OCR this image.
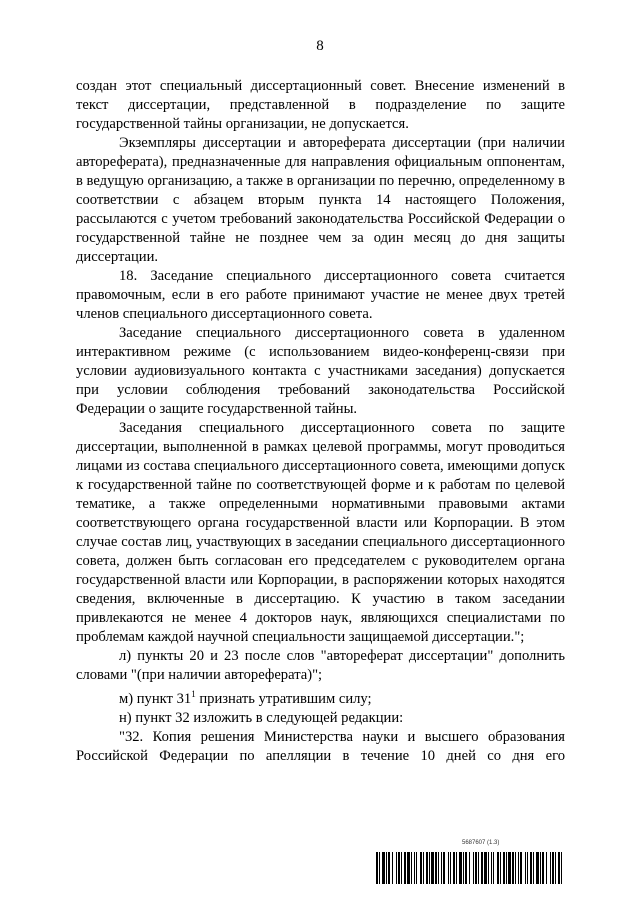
8

создан этот специальный диссертационный совет. Внесение изменений в текст диссертации, представленной в подразделение по защите государственной тайны организации, не допускается.

Экземпляры диссертации и автореферата диссертации (при наличии автореферата), предназначенные для направления официальным оппонентам, в ведущую организацию, а также в организации по перечню, определенному в соответствии с абзацем вторым пункта 14 настоящего Положения, рассылаются с учетом требований законодательства Российской Федерации о государственной тайне не позднее чем за один месяц до дня защиты диссертации.

18. Заседание специального диссертационного совета считается правомочным, если в его работе принимают участие не менее двух третей членов специального диссертационного совета.

Заседание специального диссертационного совета в удаленном интерактивном режиме (с использованием видео-конференц-связи при условии аудиовизуального контакта с участниками заседания) допускается при условии соблюдения требований законодательства Российской Федерации о защите государственной тайны.

Заседания специального диссертационного совета по защите диссертации, выполненной в рамках целевой программы, могут проводиться лицами из состава специального диссертационного совета, имеющими допуск к государственной тайне по соответствующей форме и к работам по целевой тематике, а также определенными нормативными правовыми актами соответствующего органа государственной власти или Корпорации. В этом случае состав лиц, участвующих в заседании специального диссертационного совета, должен быть согласован его председателем с руководителем органа государственной власти или Корпорации, в распоряжении которых находятся сведения, включенные в диссертацию. К участию в таком заседании привлекаются не менее 4 докторов наук, являющихся специалистами по проблемам каждой научной специальности защищаемой диссертации.";

л) пункты 20 и 23 после слов "автореферат диссертации" дополнить словами "(при наличии автореферата)";

м) пункт $31^1$ признать утратившим силу;

н) пункт 32 изложить в следующей редакции:

"32. Копия решения Министерства науки и высшего образования Российской Федерации по апелляции в течение 10 дней со дня его

5687607 (1.3)
